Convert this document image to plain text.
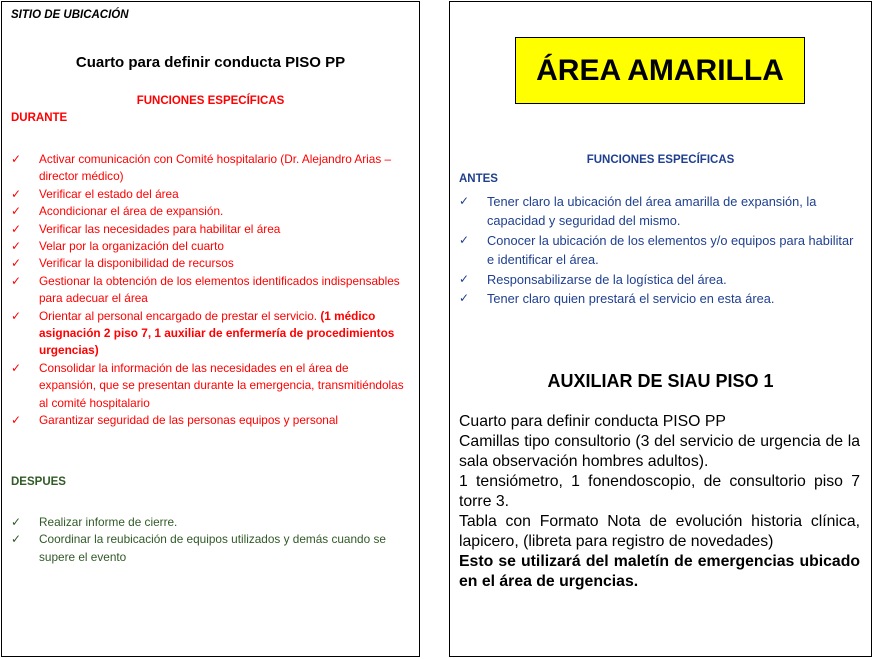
SITIO DE UBICACIÓN
Cuarto para definir conducta PISO PP
FUNCIONES ESPECÍFICAS
DURANTE
✓ Activar comunicación con Comité hospitalario (Dr. Alejandro Arias – director médico)
✓ Verificar el estado del área
✓ Acondicionar el área de expansión.
✓ Verificar las necesidades para habilitar el área
✓ Velar por la organización del cuarto
✓ Verificar la disponibilidad de recursos
✓ Gestionar la obtención de los elementos identificados indispensables para adecuar el área
✓ Orientar al personal encargado de prestar el servicio. (1 médico asignación 2 piso 7, 1 auxiliar de enfermería de procedimientos urgencias)
✓ Consolidar la información de las necesidades en el área de expansión, que se presentan durante la emergencia, transmitiéndolas al comité hospitalario
✓ Garantizar seguridad de las personas equipos y personal
DESPUES
✓ Realizar informe de cierre.
✓ Coordinar la reubicación de equipos utilizados y demás cuando se supere el evento
ÁREA AMARILLA
FUNCIONES ESPECÍFICAS
ANTES
✓ Tener claro la ubicación del área amarilla de expansión, la capacidad y seguridad del mismo.
✓ Conocer la ubicación de los elementos y/o equipos para habilitar e identificar el área.
✓ Responsabilizarse de la logística del área.
✓ Tener claro quien prestará el servicio en esta área.
AUXILIAR DE SIAU PISO 1

Cuarto para definir conducta PISO PP

Camillas tipo consultorio (3 del servicio de urgencia de la sala observación hombres adultos).

1 tensiómetro, 1 fonendoscopio, de consultorio piso 7 torre 3.

Tabla con Formato Nota de evolución historia clínica, lapicero, (libreta para registro de novedades)

Esto se utilizará del maletín de emergencias ubicado en el área de urgencias.
